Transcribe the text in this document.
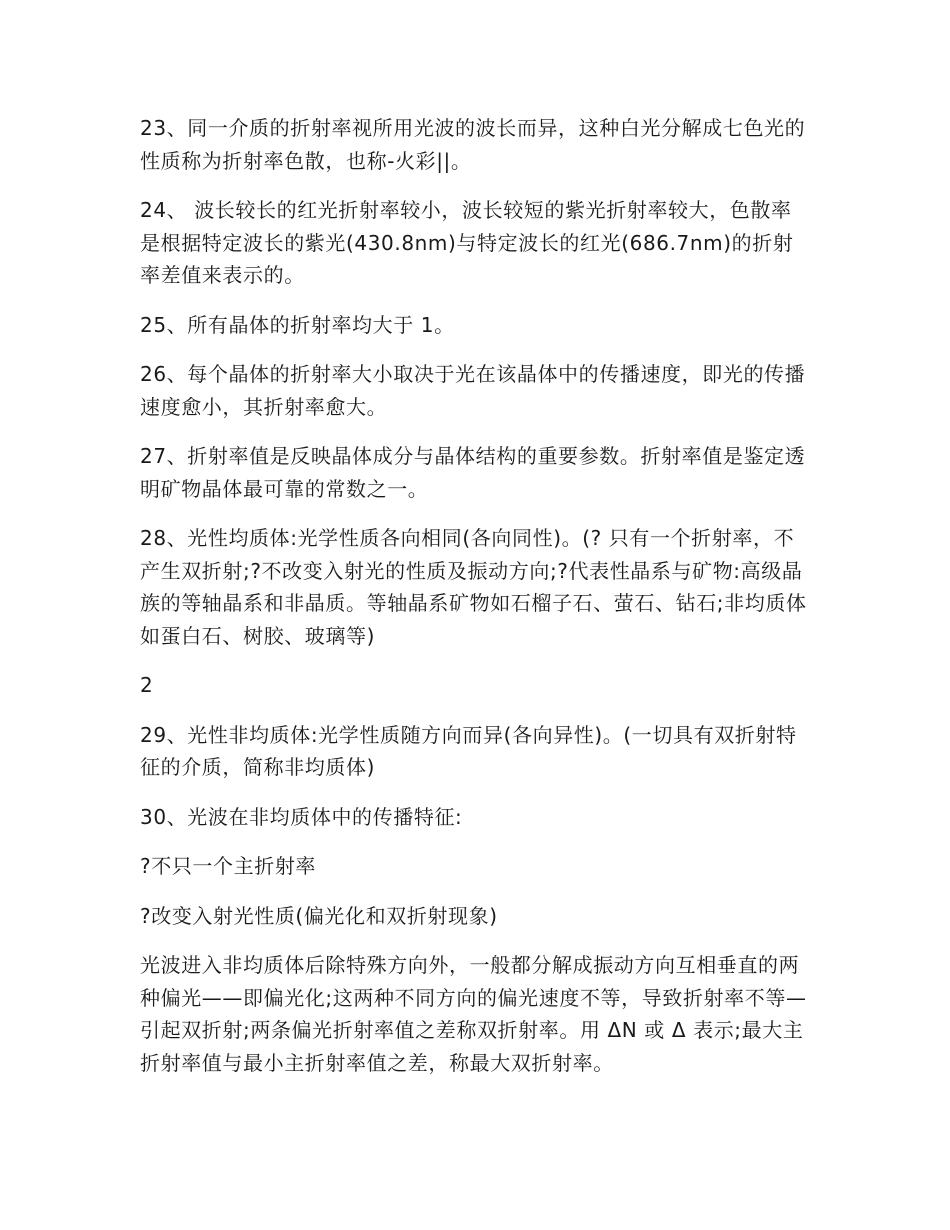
23、同一介质的折射率视所用光波的波长而异，这种白光分解成七色光的性质称为折射率色散，也称-火彩||。

24、 波长较长的红光折射率较小，波长较短的紫光折射率较大，色散率是根据特定波长的紫光(430.8nm)与特定波长的红光(686.7nm)的折射率差值来表示的。

25、所有晶体的折射率均大于 1。

26、每个晶体的折射率大小取决于光在该晶体中的传播速度，即光的传播速度愈小，其折射率愈大。

27、折射率值是反映晶体成分与晶体结构的重要参数。折射率值是鉴定透明矿物晶体最可靠的常数之一。

28、光性均质体:光学性质各向相同(各向同性)。(? 只有一个折射率，不产生双折射;?不改变入射光的性质及振动方向;?代表性晶系与矿物:高级晶族的等轴晶系和非晶质。等轴晶系矿物如石榴子石、萤石、钻石;非均质体如蛋白石、树胶、玻璃等)

2

29、光性非均质体:光学性质随方向而异(各向异性)。(一切具有双折射特征的介质，简称非均质体)

30、光波在非均质体中的传播特征:

?不只一个主折射率

?改变入射光性质(偏光化和双折射现象)

光波进入非均质体后除特殊方向外，一般都分解成振动方向互相垂直的两种偏光——即偏光化;这两种不同方向的偏光速度不等，导致折射率不等—引起双折射;两条偏光折射率值之差称双折射率。用 ΔN 或 Δ 表示;最大主折射率值与最小主折射率值之差，称最大双折射率。
